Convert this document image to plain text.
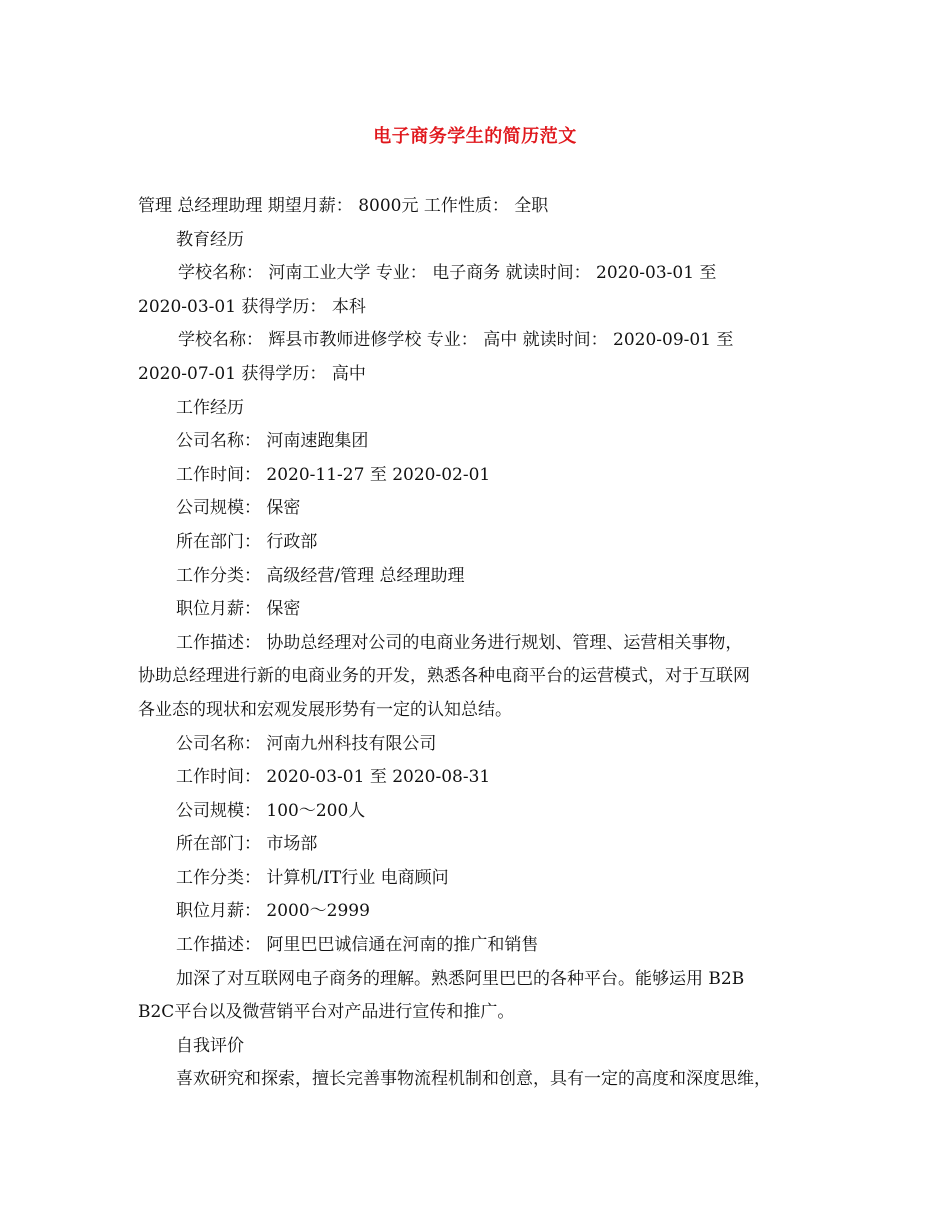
电子商务学生的简历范文
管理 总经理助理 期望月薪： 8000元 工作性质： 全职
教育经历
学校名称： 河南工业大学 专业： 电子商务 就读时间： 2020-03-01 至
2020-03-01 获得学历： 本科
学校名称： 辉县市教师进修学校 专业： 高中 就读时间： 2020-09-01 至
2020-07-01 获得学历： 高中
工作经历
公司名称： 河南速跑集团
工作时间： 2020-11-27 至 2020-02-01
公司规模： 保密
所在部门： 行政部
工作分类： 高级经营/管理 总经理助理
职位月薪： 保密
工作描述： 协助总经理对公司的电商业务进行规划、管理、运营相关事物，
协助总经理进行新的电商业务的开发，熟悉各种电商平台的运营模式，对于互联网
各业态的现状和宏观发展形势有一定的认知总结。
公司名称： 河南九州科技有限公司
工作时间： 2020-03-01 至 2020-08-31
公司规模： 100～200人
所在部门： 市场部
工作分类： 计算机/IT行业 电商顾问
职位月薪： 2000～2999
工作描述： 阿里巴巴诚信通在河南的推广和销售
加深了对互联网电子商务的理解。熟悉阿里巴巴的各种平台。能够运用 B2B
B2C平台以及微营销平台对产品进行宣传和推广。
自我评价
喜欢研究和探索，擅长完善事物流程机制和创意，具有一定的高度和深度思维，
